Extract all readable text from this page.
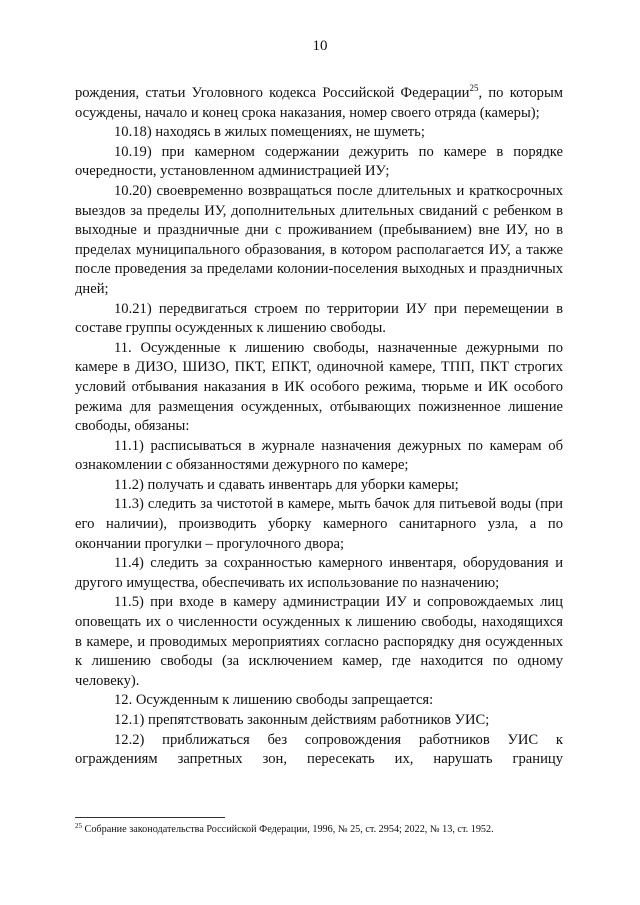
10

рождения, статьи Уголовного кодекса Российской Федерации$^{25}$, по которым осуждены, начало и конец срока наказания, номер своего отряда (камеры);

10.18) находясь в жилых помещениях, не шуметь;

10.19) при камерном содержании дежурить по камере в порядке очередности, установленном администрацией ИУ;

10.20) своевременно возвращаться после длительных и краткосрочных выездов за пределы ИУ, дополнительных длительных свиданий с ребенком в выходные и праздничные дни с проживанием (пребыванием) вне ИУ, но в пределах муниципального образования, в котором располагается ИУ, а также после проведения за пределами колонии-поселения выходных и праздничных дней;

10.21) передвигаться строем по территории ИУ при перемещении в составе группы осужденных к лишению свободы.

11. Осужденные к лишению свободы, назначенные дежурными по камере в ДИЗО, ШИЗО, ПКТ, ЕПКТ, одиночной камере, ТПП, ПКТ строгих условий отбывания наказания в ИК особого режима, тюрьме и ИК особого режима для размещения осужденных, отбывающих пожизненное лишение свободы, обязаны:

11.1) расписываться в журнале назначения дежурных по камерам об ознакомлении с обязанностями дежурного по камере;

11.2) получать и сдавать инвентарь для уборки камеры;

11.3) следить за чистотой в камере, мыть бачок для питьевой воды (при его наличии), производить уборку камерного санитарного узла, а по окончании прогулки – прогулочного двора;

11.4) следить за сохранностью камерного инвентаря, оборудования и другого имущества, обеспечивать их использование по назначению;

11.5) при входе в камеру администрации ИУ и сопровождаемых лиц оповещать их о численности осужденных к лишению свободы, находящихся в камере, и проводимых мероприятиях согласно распорядку дня осужденных к лишению свободы (за исключением камер, где находится по одному человеку).

12. Осужденным к лишению свободы запрещается:

12.1) препятствовать законным действиям работников УИС;

12.2) приближаться без сопровождения работников УИС к ограждениям запретных зон, пересекать их, нарушать границу

$^{25}$ Собрание законодательства Российской Федерации, 1996, № 25, ст. 2954; 2022, № 13, ст. 1952.
